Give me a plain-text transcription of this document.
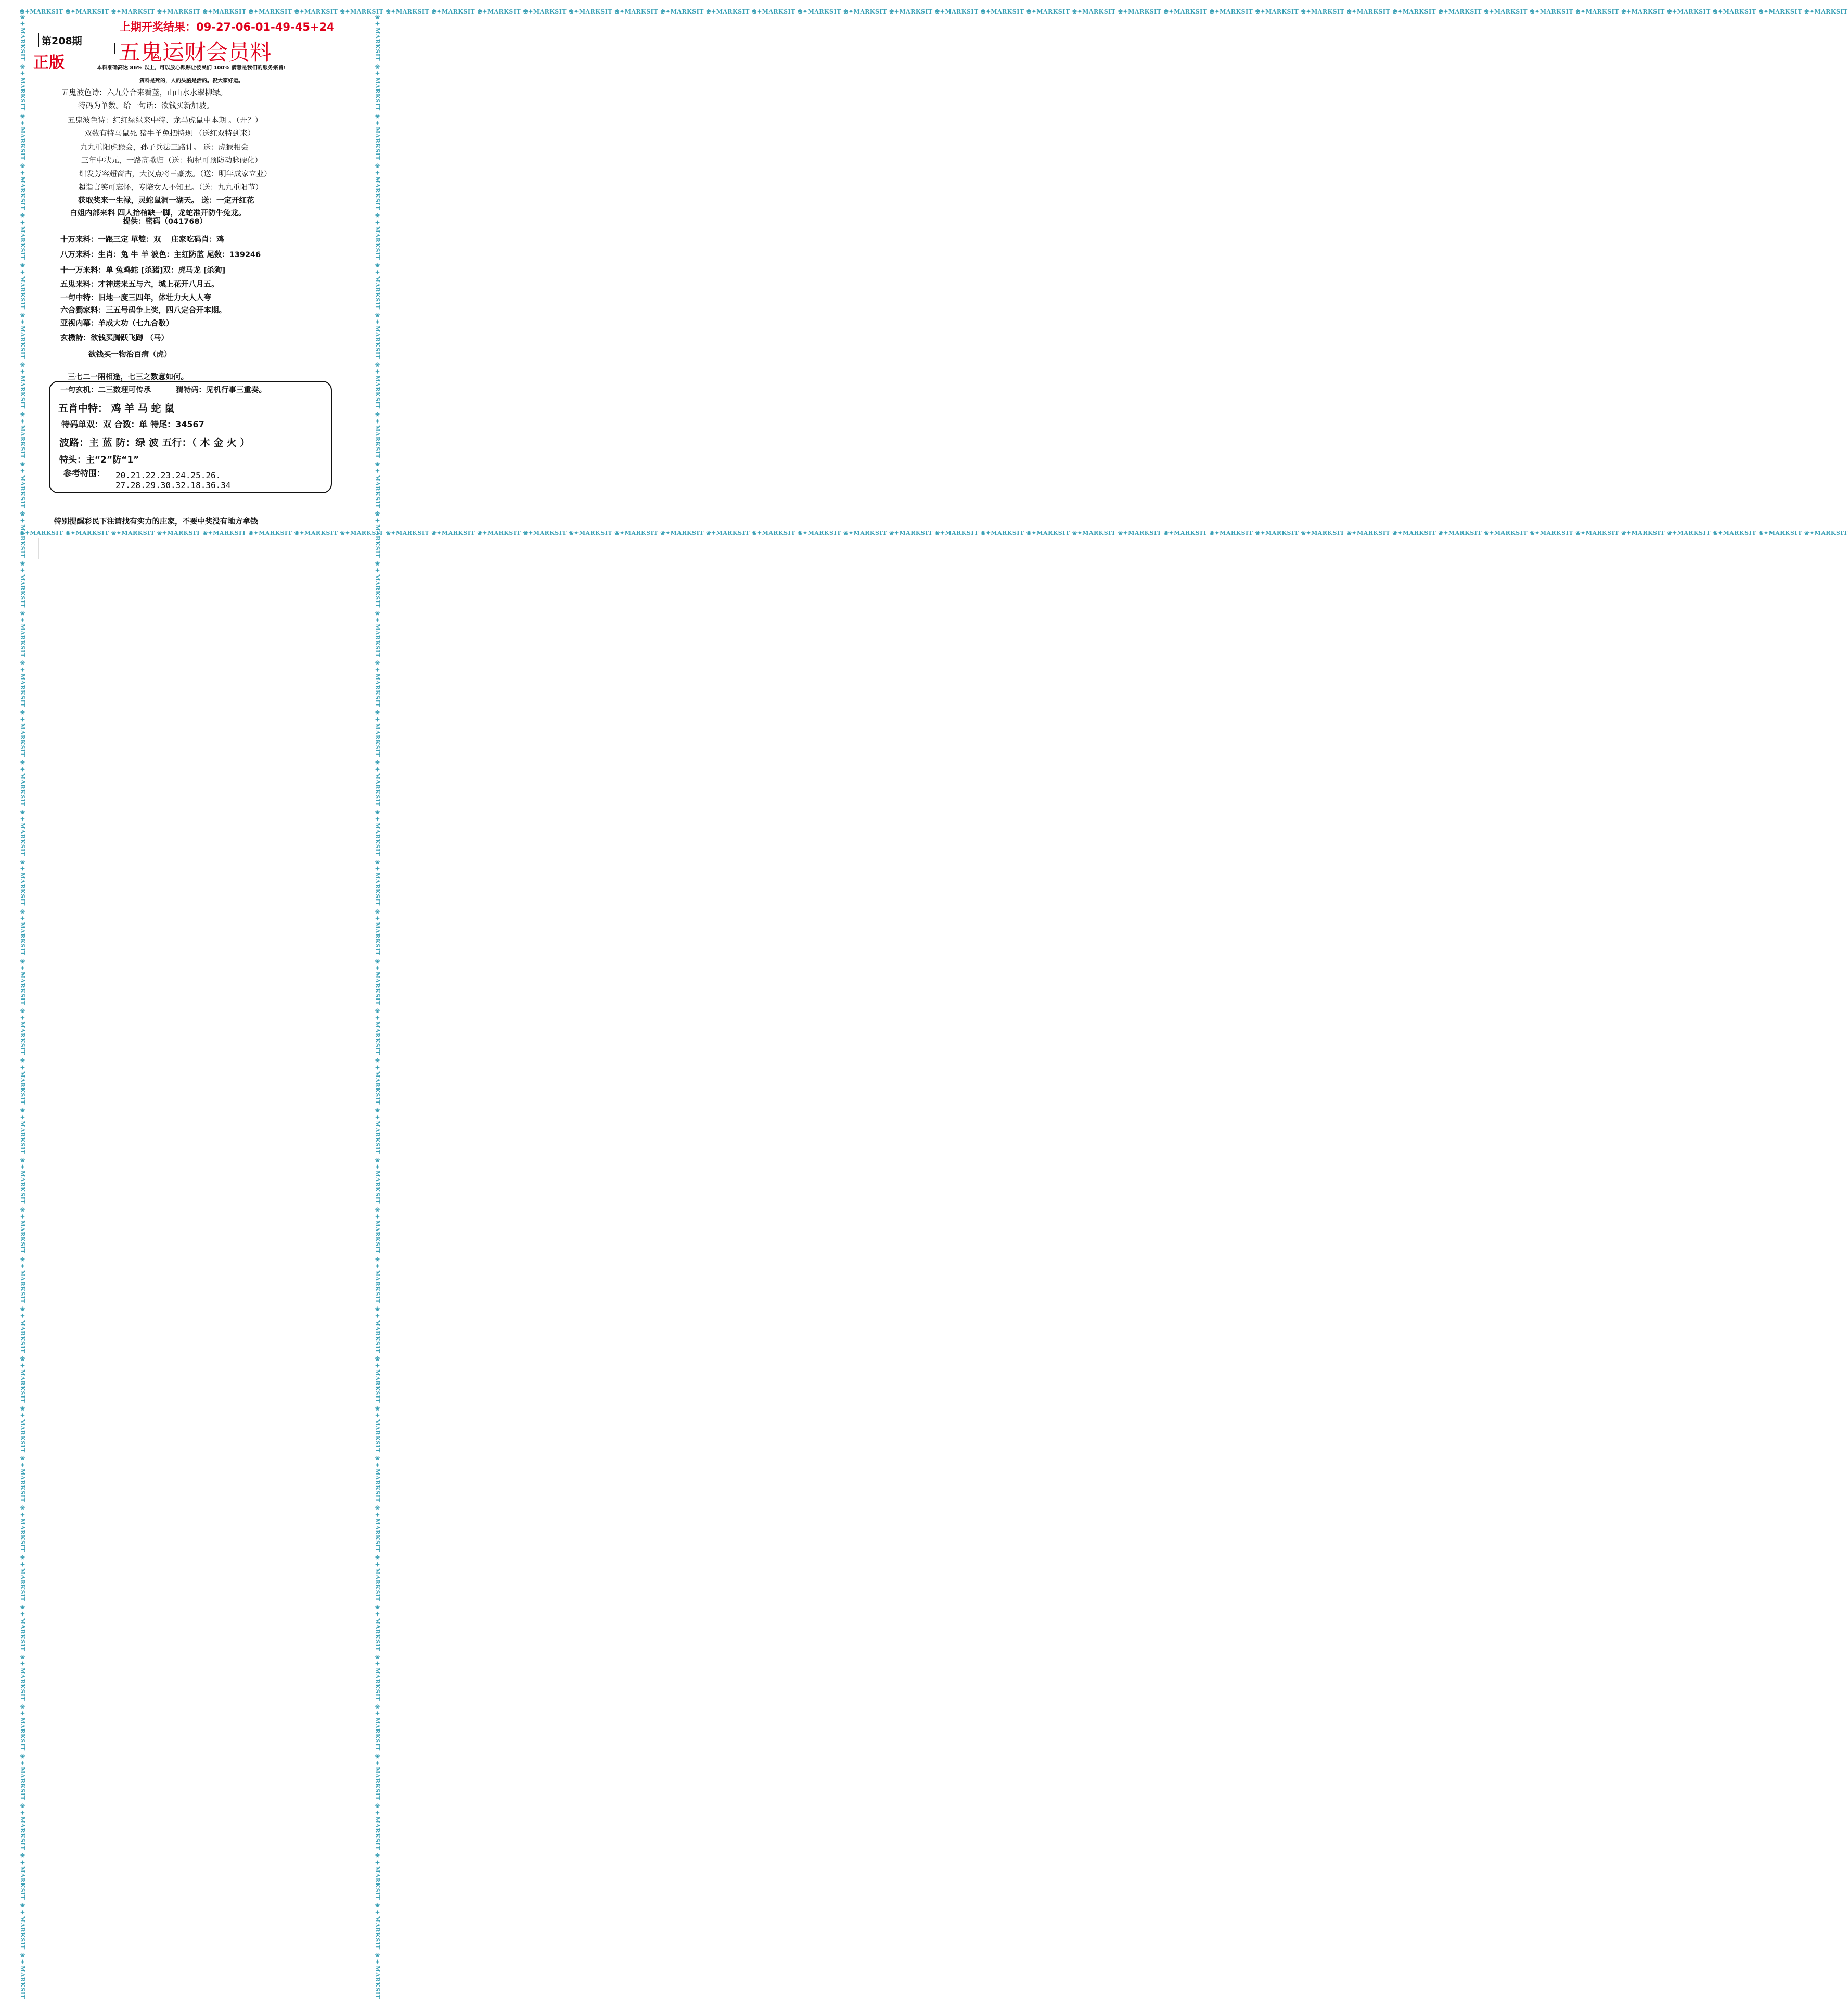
❀✦MARKSIT ❀✦MARKSIT ❀✦MARKSIT ❀✦MARKSIT ❀✦MARKSIT ❀✦MARKSIT ❀✦MARKSIT ❀✦MARKSIT ❀✦MARKSIT ❀✦MARKSIT ❀✦MARKSIT ❀✦MARKSIT ❀✦MARKSIT ❀✦MARKSIT ❀✦MARKSIT ❀✦MARKSIT ❀✦MARKSIT ❀✦MARKSIT ❀✦MARKSIT ❀✦MARKSIT ❀✦MARKSIT ❀✦MARKSIT ❀✦MARKSIT ❀✦MARKSIT ❀✦MARKSIT ❀✦MARKSIT ❀✦MARKSIT ❀✦MARKSIT ❀✦MARKSIT ❀✦MARKSIT ❀✦MARKSIT ❀✦MARKSIT ❀✦MARKSIT ❀✦MARKSIT ❀✦MARKSIT ❀✦MARKSIT ❀✦MARKSIT ❀✦MARKSIT ❀✦MARKSIT ❀✦MARKSIT
❀✦MARKSIT ❀✦MARKSIT ❀✦MARKSIT ❀✦MARKSIT ❀✦MARKSIT ❀✦MARKSIT ❀✦MARKSIT ❀✦MARKSIT ❀✦MARKSIT ❀✦MARKSIT ❀✦MARKSIT ❀✦MARKSIT ❀✦MARKSIT ❀✦MARKSIT ❀✦MARKSIT ❀✦MARKSIT ❀✦MARKSIT ❀✦MARKSIT ❀✦MARKSIT ❀✦MARKSIT ❀✦MARKSIT ❀✦MARKSIT ❀✦MARKSIT ❀✦MARKSIT ❀✦MARKSIT ❀✦MARKSIT ❀✦MARKSIT ❀✦MARKSIT ❀✦MARKSIT ❀✦MARKSIT ❀✦MARKSIT ❀✦MARKSIT ❀✦MARKSIT ❀✦MARKSIT ❀✦MARKSIT ❀✦MARKSIT ❀✦MARKSIT ❀✦MARKSIT ❀✦MARKSIT ❀✦MARKSIT
❀✦MARKSIT ❀✦MARKSIT ❀✦MARKSIT ❀✦MARKSIT ❀✦MARKSIT ❀✦MARKSIT ❀✦MARKSIT ❀✦MARKSIT ❀✦MARKSIT ❀✦MARKSIT ❀✦MARKSIT ❀✦MARKSIT ❀✦MARKSIT ❀✦MARKSIT ❀✦MARKSIT ❀✦MARKSIT ❀✦MARKSIT ❀✦MARKSIT ❀✦MARKSIT ❀✦MARKSIT ❀✦MARKSIT ❀✦MARKSIT ❀✦MARKSIT ❀✦MARKSIT ❀✦MARKSIT ❀✦MARKSIT ❀✦MARKSIT ❀✦MARKSIT ❀✦MARKSIT ❀✦MARKSIT ❀✦MARKSIT ❀✦MARKSIT ❀✦MARKSIT ❀✦MARKSIT ❀✦MARKSIT ❀✦MARKSIT ❀✦MARKSIT ❀✦MARKSIT ❀✦MARKSIT ❀✦MARKSIT	❀✦MARKSIT ❀✦MARKSIT ❀✦MARKSIT ❀✦MARKSIT ❀✦MARKSIT ❀✦MARKSIT ❀✦MARKSIT ❀✦MARKSIT ❀✦MARKSIT ❀✦MARKSIT ❀✦MARKSIT ❀✦MARKSIT ❀✦MARKSIT ❀✦MARKSIT ❀✦MARKSIT ❀✦MARKSIT ❀✦MARKSIT ❀✦MARKSIT ❀✦MARKSIT ❀✦MARKSIT ❀✦MARKSIT ❀✦MARKSIT ❀✦MARKSIT ❀✦MARKSIT ❀✦MARKSIT ❀✦MARKSIT ❀✦MARKSIT ❀✦MARKSIT ❀✦MARKSIT ❀✦MARKSIT ❀✦MARKSIT ❀✦MARKSIT ❀✦MARKSIT ❀✦MARKSIT ❀✦MARKSIT ❀✦MARKSIT ❀✦MARKSIT ❀✦MARKSIT ❀✦MARKSIT ❀✦MARKSIT
上期开奖结果：09-27-06-01-49-45+24
第208期
正版 五鬼运财会员料
本料准确高达 86% 以上，可以放心跟踪让彼民们 100% 满意是我们的服务宗旨!
资料是死的，人的头脑是活的。祝大家好运。
五鬼波色诗：六九分合来看蓝，山山水水翠柳绿。
特码为单数。给一句话：欲钱买新加坡。
五鬼波色诗：红红绿绿来中特、龙马虎鼠中本期 。（开？）
双数有特马鼠死 猪牛羊兔把特现 （送红双特到来）
九九重阳虎猴会，孙子兵法三路计。 送：虎猴相会
三年中状元，一路高歌归（送：枸杞可预防动脉硬化）
绀发芳容超窗古，大汉点将三豪杰。（送：明年成家立业）
超诣言笑可忘怀，专陪女人不知丑。（送：九九重阳节）
获取奖来一生禄，灵蛇鼠洞一湖天。 送：一定开红花
白姐内部来料 四人抬棺缺一脚，龙蛇准开防牛兔龙。
提供：密码（041768）
十万来料：一跟三定 單雙：双　 庄家吃码肖：鸡
八万来料：生肖：兔 牛 羊 波色：主红防蓝 尾数：139246
十一万来料：单 兔鸡蛇 [杀猪]双：虎马龙 [杀狗]
五鬼来料：才神送来五与六，城上花开八月五。
一句中特：旧地一度三四年，体壮力大人人夸
六合獨家料：三五号码争上奖，四八定合开本期。
亚视内幕：羊成大功（七九合数）
玄機詩：欲钱买腾跃飞蹲 （马）
欲钱买一物治百病（虎）
三七二一兩相逢，七三之数意如何。
一句玄机：二三数理可传承	猜特码：见机行事三重奏。
五肖中特： 鸡 羊 马 蛇 鼠
特码单双：双 合数：单 特尾：34567
波路：主 蓝 防：绿 波 五行：（ 木 金 火 ）
特头：主“2”防“1”
参考特围： 20.21.22.23.24.25.26.
27.28.29.30.32.18.36.34
特别提醒彩民下注请找有实力的庄家，不要中奖没有地方拿钱
